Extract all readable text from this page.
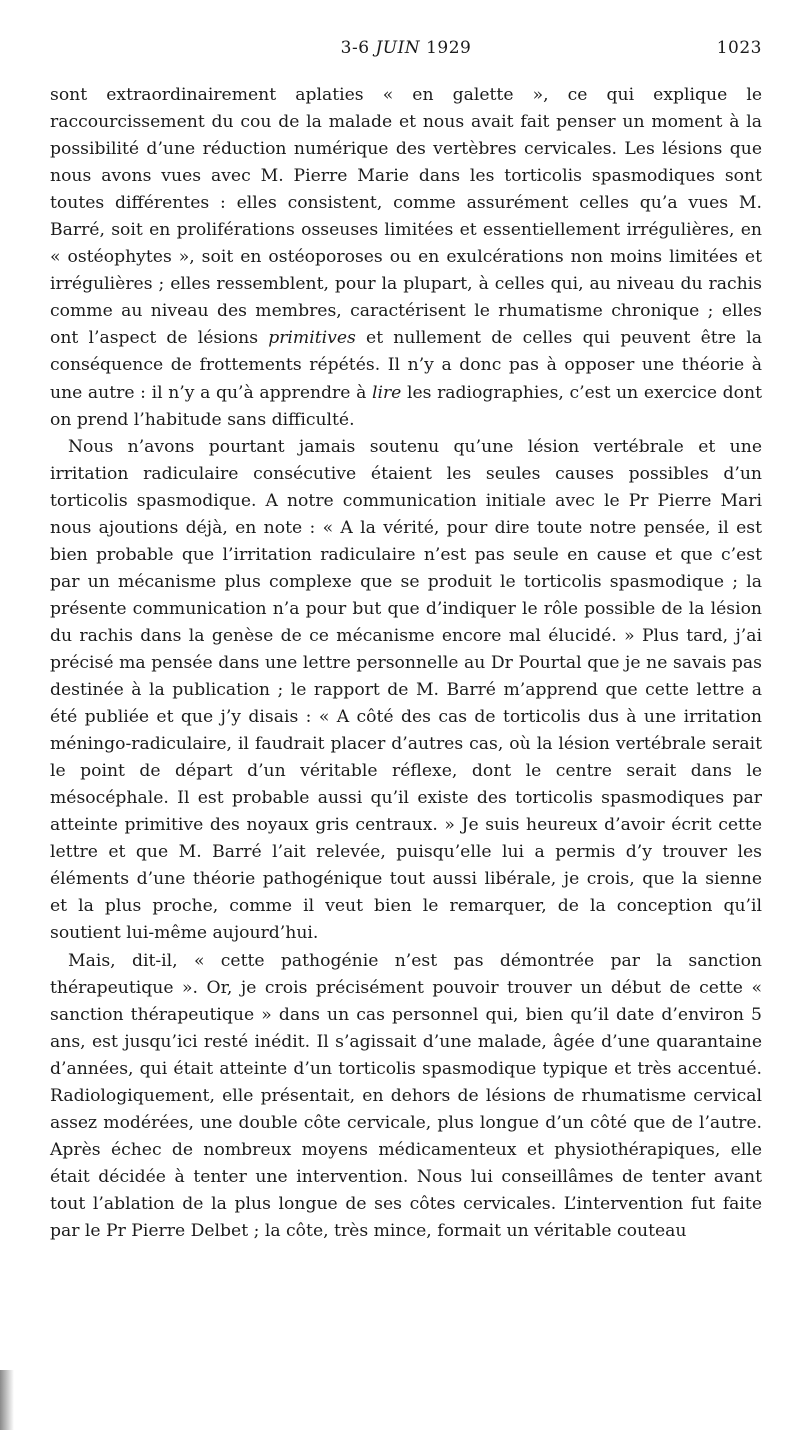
3-6 JUIN 1929	1023

sont extraordinairement aplaties « en galette », ce qui explique le raccourcissement du cou de la malade et nous avait fait penser un moment à la possibilité d’une réduction numérique des vertèbres cervicales. Les lésions que nous avons vues avec M. Pierre Marie dans les torticolis spasmodiques sont toutes différentes : elles consistent, comme assurément celles qu’a vues M. Barré, soit en proliférations osseuses limitées et essentiellement irrégulières, en « ostéophytes », soit en ostéoporoses ou en exulcérations non moins limitées et irrégulières ; elles ressemblent, pour la plupart, à celles qui, au niveau du rachis comme au niveau des membres, caractérisent le rhumatisme chronique ; elles ont l’aspect de lésions primitives et nullement de celles qui peuvent être la conséquence de frottements répétés. Il n’y a donc pas à opposer une théorie à une autre : il n’y a qu’à apprendre à lire les radiographies, c’est un exercice dont on prend l’habitude sans difficulté.

Nous n’avons pourtant jamais soutenu qu’une lésion vertébrale et une irritation radiculaire consécutive étaient les seules causes possibles d’un torticolis spasmodique. A notre communication initiale avec le Pr Pierre Mari nous ajoutions déjà, en note : « A la vérité, pour dire toute notre pensée, il est bien probable que l’irritation radiculaire n’est pas seule en cause et que c’est par un mécanisme plus complexe que se produit le torticolis spasmodique ; la présente communication n’a pour but que d’indiquer le rôle possible de la lésion du rachis dans la genèse de ce mécanisme encore mal élucidé. » Plus tard, j’ai précisé ma pensée dans une lettre personnelle au Dr Pourtal que je ne savais pas destinée à la publication ; le rapport de M. Barré m’apprend que cette lettre a été publiée et que j’y disais : « A côté des cas de torticolis dus à une irritation méningo-radiculaire, il faudrait placer d’autres cas, où la lésion vertébrale serait le point de départ d’un véritable réflexe, dont le centre serait dans le mésocéphale. Il est probable aussi qu’il existe des torticolis spasmodiques par atteinte primitive des noyaux gris centraux. » Je suis heureux d’avoir écrit cette lettre et que M. Barré l’ait relevée, puisqu’elle lui a permis d’y trouver les éléments d’une théorie pathogénique tout aussi libérale, je crois, que la sienne et la plus proche, comme il veut bien le remarquer, de la conception qu’il soutient lui-même aujourd’hui.

Mais, dit-il, « cette pathogénie n’est pas démontrée par la sanction thérapeutique ». Or, je crois précisément pouvoir trouver un début de cette « sanction thérapeutique » dans un cas personnel qui, bien qu’il date d’environ 5 ans, est jusqu’ici resté inédit. Il s’agissait d’une malade, âgée d’une quarantaine d’années, qui était atteinte d’un torticolis spasmodique typique et très accentué. Radiologiquement, elle présentait, en dehors de lésions de rhumatisme cervical assez modérées, une double côte cervicale, plus longue d’un côté que de l’autre. Après échec de nombreux moyens médicamenteux et physiothérapiques, elle était décidée à tenter une intervention. Nous lui conseillâmes de tenter avant tout l’ablation de la plus longue de ses côtes cervicales. L’intervention fut faite par le Pr Pierre Delbet ; la côte, très mince, formait un véritable couteau
